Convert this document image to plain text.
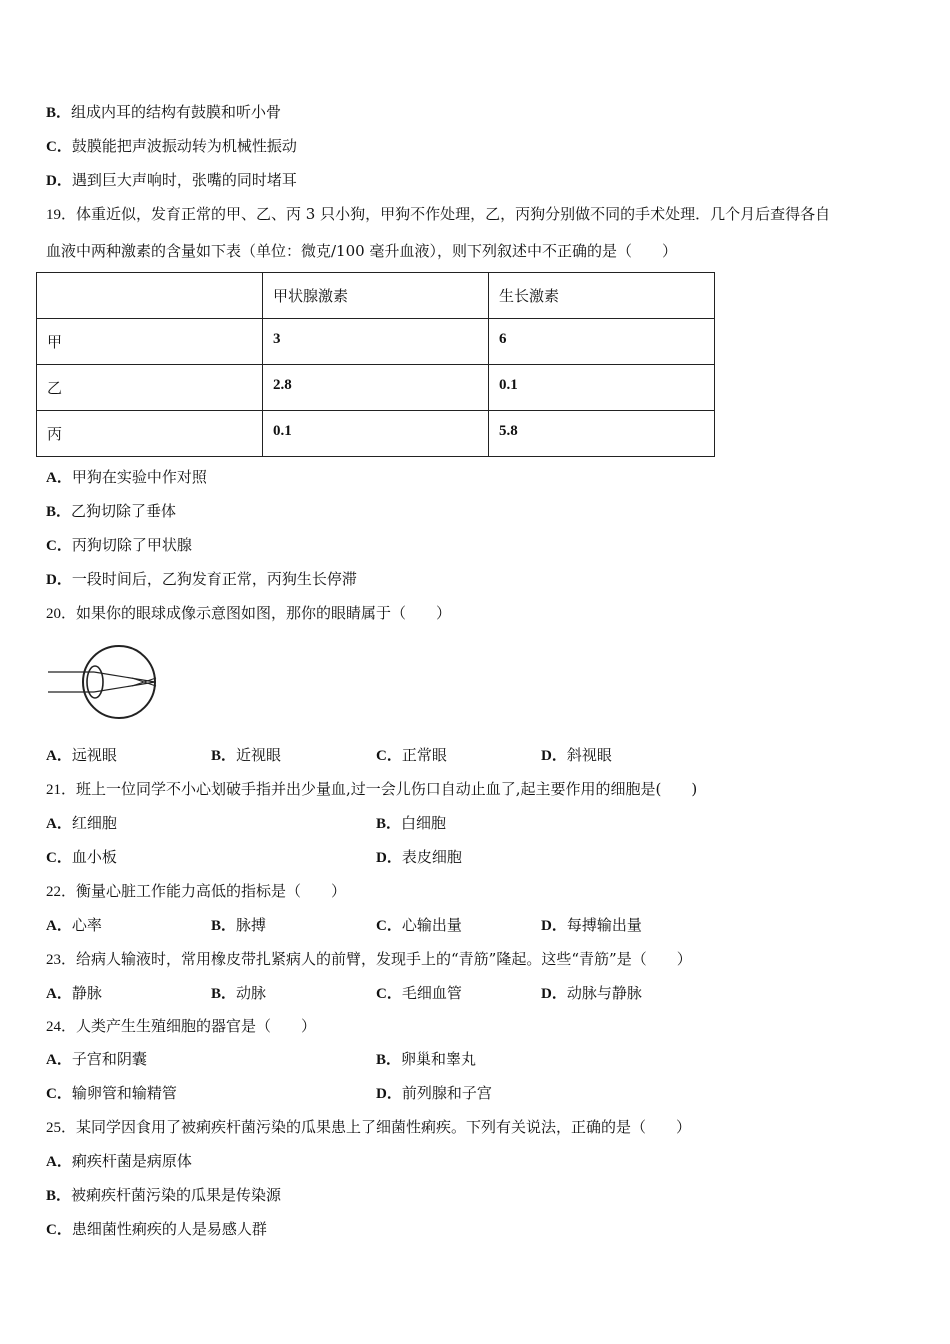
B．组成内耳的结构有鼓膜和听小骨
C．鼓膜能把声波振动转为机械性振动
D．遇到巨大声响时，张嘴的同时堵耳
19．体重近似，发育正常的甲、乙、丙 3 只小狗，甲狗不作处理，乙，丙狗分别做不同的手术处理．几个月后查得各自
血液中两种激素的含量如下表（单位：微克/100 毫升血液），则下列叙述中不正确的是（　　）
	甲状腺激素	生长激素
甲	3	6
乙	2.8	0.1
丙	0.1	5.8
A．甲狗在实验中作对照
B．乙狗切除了垂体
C．丙狗切除了甲状腺
D．一段时间后，乙狗发育正常，丙狗生长停滞
20．如果你的眼球成像示意图如图，那你的眼睛属于（　　）
A．远视眼	B．近视眼	C．正常眼	D．斜视眼
21．班上一位同学不小心划破手指并出少量血,过一会儿伤口自动止血了,起主要作用的细胞是(　　)
A．红细胞	B．白细胞
C．血小板	D．表皮细胞
22．衡量心脏工作能力高低的指标是（　　）
A．心率	B．脉搏	C．心输出量	D．每搏输出量
23．给病人输液时，常用橡皮带扎紧病人的前臂，发现手上的“青筋”隆起。这些“青筋”是（　　）
A．静脉	B．动脉	C．毛细血管	D．动脉与静脉
24．人类产生生殖细胞的器官是（　　）
A．子宫和阴囊	B．卵巢和睾丸
C．输卵管和输精管	D．前列腺和子宫
25．某同学因食用了被痢疾杆菌污染的瓜果患上了细菌性痢疾。下列有关说法，正确的是（　　）
A．痢疾杆菌是病原体
B．被痢疾杆菌污染的瓜果是传染源
C．患细菌性痢疾的人是易感人群
